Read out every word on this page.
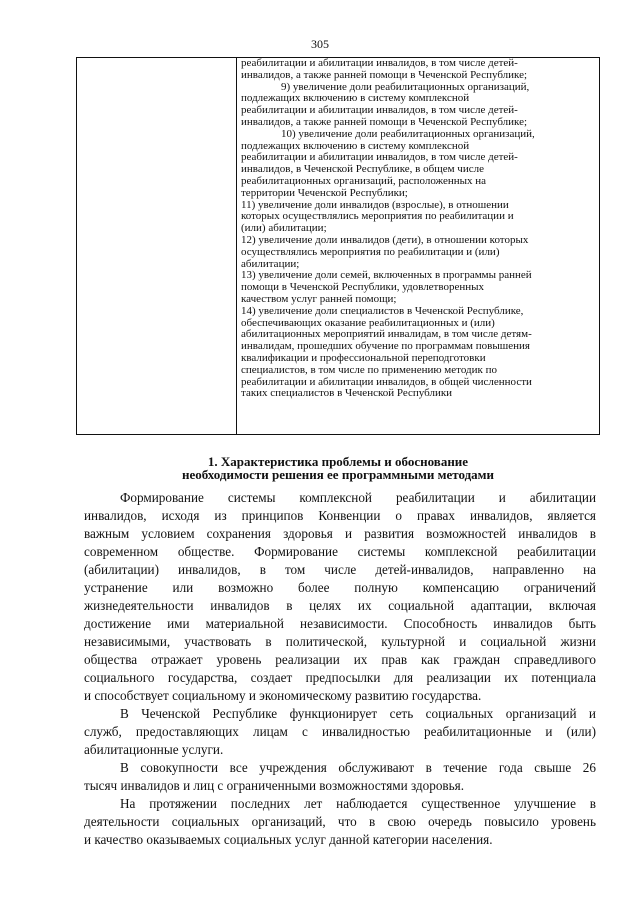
305
реабилитации и абилитации инвалидов, в том числе детей-
инвалидов, а также ранней помощи в Чеченской Республике;
9) увеличение доли реабилитационных организаций,
подлежащих включению в систему комплексной
реабилитации и абилитации инвалидов, в том числе детей-
инвалидов, а также ранней помощи в Чеченской Республике;
10) увеличение доли реабилитационных организаций,
подлежащих включению в систему комплексной
реабилитации и абилитации инвалидов, в том числе детей-
инвалидов, в Чеченской Республике, в общем числе
реабилитационных организаций, расположенных на
территории Чеченской Республики;
11) увеличение доли инвалидов (взрослые), в отношении
которых осуществлялись мероприятия по реабилитации и
(или) абилитации;
12) увеличение доли инвалидов (дети), в отношении которых
осуществлялись мероприятия по реабилитации и (или)
абилитации;
13) увеличение доли семей, включенных в программы ранней
помощи в Чеченской Республики, удовлетворенных
качеством услуг ранней помощи;
14) увеличение доли специалистов в Чеченской Республике,
обеспечивающих оказание реабилитационных и (или)
абилитационных мероприятий инвалидам, в том числе детям-
инвалидам, прошедших обучение по программам повышения
квалификации и профессиональной переподготовки
специалистов, в том числе по применению методик по
реабилитации и абилитации инвалидов, в общей численности
таких специалистов в Чеченской Республики
1. Характеристика проблемы и обоснование
необходимости решения ее программными методами
Формирование системы комплексной реабилитации и абилитации
инвалидов, исходя из принципов Конвенции о правах инвалидов, является
важным условием сохранения здоровья и развития возможностей инвалидов в
современном обществе. Формирование системы комплексной реабилитации
(абилитации) инвалидов, в том числе детей-инвалидов, направленно на
устранение или возможно более полную компенсацию ограничений
жизнедеятельности инвалидов в целях их социальной адаптации, включая
достижение ими материальной независимости. Способность инвалидов быть
независимыми, участвовать в политической, культурной и социальной жизни
общества отражает уровень реализации их прав как граждан справедливого
социального государства, создает предпосылки для реализации их потенциала
и способствует социальному и экономическому развитию государства.
В Чеченской Республике функционирует сеть социальных организаций и
служб, предоставляющих лицам с инвалидностью реабилитационные и (или)
абилитационные услуги.
В совокупности все учреждения обслуживают в течение года свыше 26
тысяч инвалидов и лиц с ограниченными возможностями здоровья.
На протяжении последних лет наблюдается существенное улучшение в
деятельности социальных организаций, что в свою очередь повысило уровень
и качество оказываемых социальных услуг данной категории населения.
